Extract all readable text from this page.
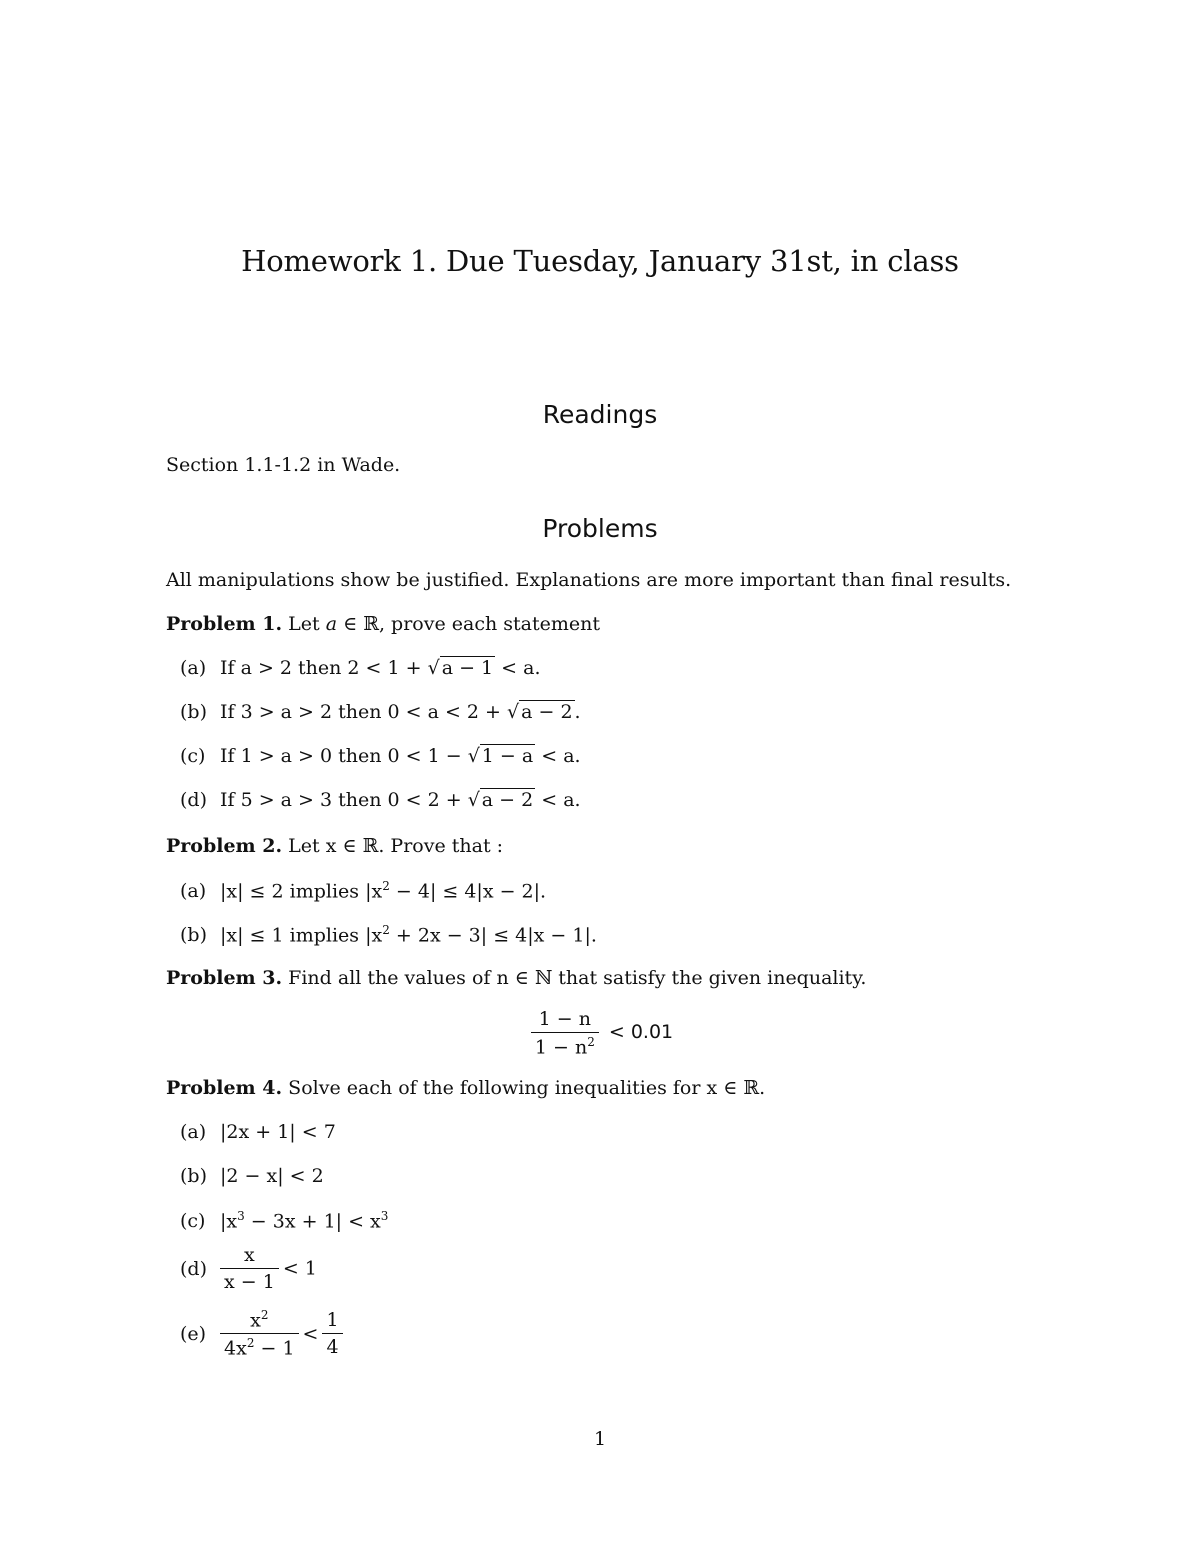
Homework 1. Due Tuesday, January 31st, in class
Readings
Section 1.1-1.2 in Wade.
Problems
All manipulations show be justified. Explanations are more important than final results.
Problem 1. Let a ∈ ℝ, prove each statement
(a) If a > 2 then 2 < 1 + √ a − 1 < a.
(b) If 3 > a > 2 then 0 < a < 2 + √ a − 2 .
(c) If 1 > a > 0 then 0 < 1 − √ 1 − a < a.
(d) If 5 > a > 3 then 0 < 2 + √ a − 2 < a.
Problem 2. Let x ∈ ℝ. Prove that :
(a) |x| ≤ 2 implies $|x^2 - 4| \le 4|x - 2|$.
(b) |x| ≤ 1 implies $|x^2 + 2x - 3| \le 4|x - 1|$.
Problem 3. Find all the values of n ∈ ℕ that satisfy the given inequality.
$\frac{1 - n}{1 - n^2} < 0.01$
Problem 4. Solve each of the following inequalities for x ∈ ℝ.
(a) |2x + 1| < 7
(b) |2 − x| < 2
(c) $|x^3 - 3x + 1| < x^3$
$(d) \frac{x}{x - 1} < 1$
$(e) \frac{x^2}{4x^2 - 1} < \frac{1}{4}$
1
